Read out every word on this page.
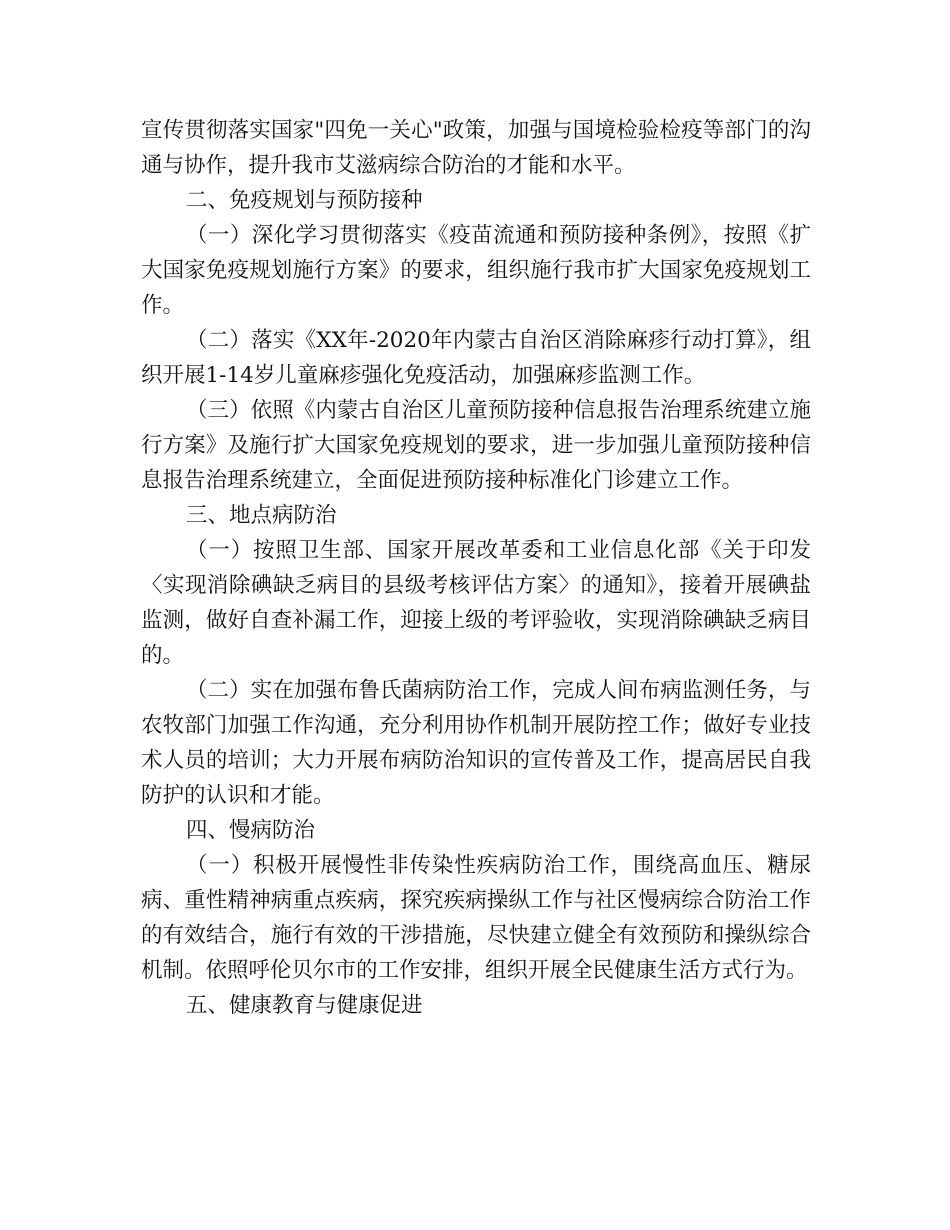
宣传贯彻落实国家"四免一关心"政策，加强与国境检验检疫等部门的沟通与协作，提升我市艾滋病综合防治的才能和水平。

二、免疫规划与预防接种

（一）深化学习贯彻落实《疫苗流通和预防接种条例》，按照《扩大国家免疫规划施行方案》的要求，组织施行我市扩大国家免疫规划工作。

（二）落实《XX年-2020年内蒙古自治区消除麻疹行动打算》，组织开展1-14岁儿童麻疹强化免疫活动，加强麻疹监测工作。

（三）依照《内蒙古自治区儿童预防接种信息报告治理系统建立施行方案》及施行扩大国家免疫规划的要求，进一步加强儿童预防接种信息报告治理系统建立，全面促进预防接种标准化门诊建立工作。

三、地点病防治

（一）按照卫生部、国家开展改革委和工业信息化部《关于印发〈实现消除碘缺乏病目的县级考核评估方案〉的通知》，接着开展碘盐监测，做好自查补漏工作，迎接上级的考评验收，实现消除碘缺乏病目的。

（二）实在加强布鲁氏菌病防治工作，完成人间布病监测任务，与农牧部门加强工作沟通，充分利用协作机制开展防控工作；做好专业技术人员的培训；大力开展布病防治知识的宣传普及工作，提高居民自我防护的认识和才能。

四、慢病防治

（一）积极开展慢性非传染性疾病防治工作，围绕高血压、糖尿病、重性精神病重点疾病，探究疾病操纵工作与社区慢病综合防治工作的有效结合，施行有效的干涉措施，尽快建立健全有效预防和操纵综合机制。依照呼伦贝尔市的工作安排，组织开展全民健康生活方式行为。

五、健康教育与健康促进
